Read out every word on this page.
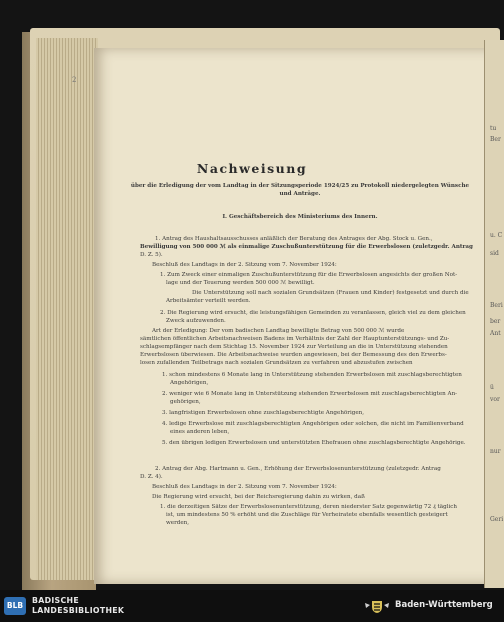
tu
Ber
u. C
sid
Beri
ber
Ant
ü
vor
nur
Geri
2
Nachweisung
über die Erledigung der vom Landtag in der Sitzungsperiode 1924/25 zu Protokoll niedergelegten Wünsche
und Anträge.
I. Geschäftsbereich des Ministeriums des Innern.
1. Antrag des Haushaltsausschusses anläßlich der Beratung des Antrages der Abg. Stock u. Gen.,
Bewilligung von 500 000 ℳ als einmalige Zuschußunterstützung für die Erwerbslosen (zuletzgedr. Antrag
D. Z. 5).
Beschluß des Landtags in der 2. Sitzung vom 7. November 1924:
1. Zum Zweck einer einmaligen Zuschußunterstützung für die Erwerbslosen angesichts der großen Not-
lage und der Teuerung werden 500 000 ℳ bewilligt.
Die Unterstützung soll nach sozialen Grundsätzen (Frauen und Kinder) festgesetzt und durch die
Arbeitsämter verteilt werden.
2. Die Regierung wird ersucht, die leistungsfähigen Gemeinden zu veranlassen, gleich viel zu dem gleichen
Zweck aufzuwenden.
Art der Erledigung: Der vom badischen Landtag bewilligte Betrag von 500 000 ℳ wurde
sämtlichen öffentlichen Arbeitsnachweisen Badens im Verhältnis der Zahl der Hauptunterstützungs- und Zu-
schlagsempfänger nach dem Stichtag 15. November 1924 zur Verteilung an die in Unterstützung stehenden
Erwerbslosen überwiesen. Die Arbeitsnachweise wurden angewiesen, bei der Bemessung des den Erwerbs-
losen zufallenden Teilbetrags nach sozialen Grundsätzen zu verfahren und abzustufen zwischen
1. schon mindestens 6 Monate lang in Unterstützung stehenden Erwerbslosen mit zuschlagsberechtigten
Angehörigen,
2. weniger wie 6 Monate lang in Unterstützung stehenden Erwerbslosen mit zuschlagsberechtigten An-
gehörigen,
3. langfristigen Erwerbslosen ohne zuschlagsberechtigte Angehörigen,
4. ledige Erwerbslose mit zuschlagsberechtigten Angehörigen oder solchen, die nicht im Familienverband
eines anderen leben,
5. den übrigen ledigen Erwerbslosen und unterstützten Ehefrauen ohne zuschlagsberechtigte Angehörige.
2. Antrag der Abg. Hartmann u. Gen., Erhöhung der Erwerbslosenunterstützung (zuletzgedr. Antrag
D. Z. 4).
Beschluß des Landtags in der 2. Sitzung vom 7. November 1924:
Die Regierung wird ersucht, bei der Reichsregierung dahin zu wirken, daß
1. die derzeitigen Sätze der Erwerbslosenunterstützung, deren niederster Satz gegenwärtig 72 ₰ täglich
ist, um mindestens 50 % erhöht und die Zuschläge für Verheiratete ebenfalls wesentlich gesteigert
werden,
BLB
BADISCHE
LANDESBIBLIOTHEK
Baden-Württemberg
